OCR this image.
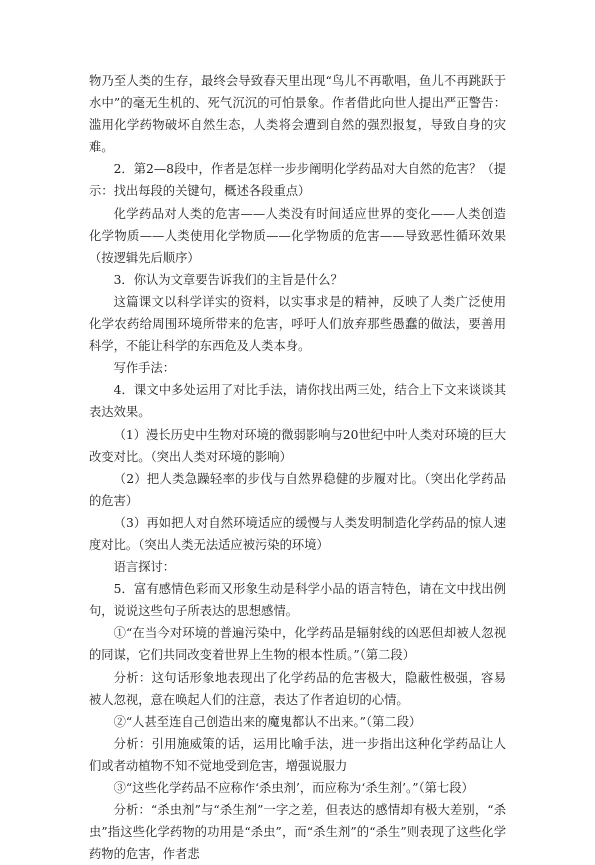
物乃至人类的生存，最终会导致春天里出现“鸟儿不再歌唱，鱼儿不再跳跃于水中”的毫无生机的、死气沉沉的可怕景象。作者借此向世人提出严正警告：滥用化学药物破坏自然生态，人类将会遭到自然的强烈报复，导致自身的灾难。

2．第2—8段中，作者是怎样一步步阐明化学药品对大自然的危害？（提示：找出每段的关键句，概述各段重点）

化学药品对人类的危害——人类没有时间适应世界的变化——人类创造化学物质——人类使用化学物质——化学物质的危害——导致恶性循环效果（按逻辑先后顺序）

3．你认为文章要告诉我们的主旨是什么？

这篇课文以科学详实的资料，以实事求是的精神，反映了人类广泛使用化学农药给周围环境所带来的危害，呼吁人们放弃那些愚蠢的做法，要善用科学，不能让科学的东西危及人类本身。

写作手法：

4．课文中多处运用了对比手法，请你找出两三处，结合上下文来谈谈其表达效果。

（1）漫长历史中生物对环境的微弱影响与20世纪中叶人类对环境的巨大改变对比。（突出人类对环境的影响）

（2）把人类急躁轻率的步伐与自然界稳健的步履对比。（突出化学药品的危害）

（3）再如把人对自然环境适应的缓慢与人类发明制造化学药品的惊人速度对比。（突出人类无法适应被污染的环境）

语言探讨：

5．富有感情色彩而又形象生动是科学小品的语言特色，请在文中找出例句，说说这些句子所表达的思想感情。

①“在当今对环境的普遍污染中，化学药品是辐射线的凶恶但却被人忽视的同谋，它们共同改变着世界上生物的根本性质。”（第二段）

分析：这句话形象地表现出了化学药品的危害极大，隐蔽性极强，容易被人忽视，意在唤起人们的注意，表达了作者迫切的心情。

②“人甚至连自己创造出来的魔鬼都认不出来。”（第二段）

分析：引用施威策的话，运用比喻手法，进一步指出这种化学药品让人们或者动植物不知不觉地受到危害，增强说服力

③“这些化学药品不应称作‘杀虫剂’，而应称为‘杀生剂’。”（第七段）

分析：“杀虫剂”与“杀生剂”一字之差，但表达的感情却有极大差别，“杀虫”指这些化学药物的功用是“杀虫”，而“杀生剂”的“杀生”则表现了这些化学药物的危害，作者悲
